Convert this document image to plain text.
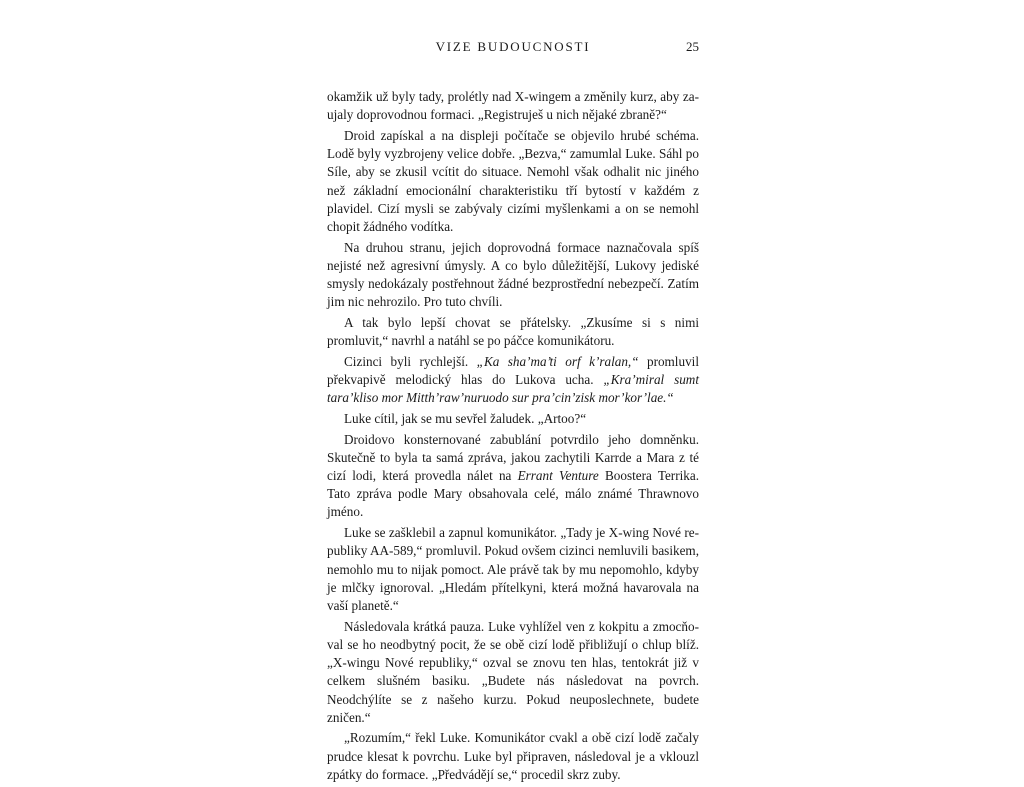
VIZE BUDOUCNOSTI	25

okamžik už byly tady, prolétly nad X-wingem a změnily kurz, aby zaujaly doprovodnou formaci. „Registruješ u nich nějaké zbraně?“

Droid zapískal a na displeji počítače se objevilo hrubé schéma. Lodě byly vyzbrojeny velice dobře. „Bezva,“ zamumlal Luke. Sáhl po Síle, aby se zkusil vcítit do situace. Nemohl však odhalit nic jiného než základní emocionální charakteristiku tří bytostí v každém z plavidel. Cizí mysli se zabývaly cizími myšlenkami a on se nemohl chopit žádného vodítka.

Na druhou stranu, jejich doprovodná formace naznačovala spíš nejisté než agresivní úmysly. A co bylo důležitější, Lukovy jediské smysly nedokázaly postřehnout žádné bezprostřední nebezpečí. Zatím jim nic nehrozilo. Pro tuto chvíli.

A tak bylo lepší chovat se přátelsky. „Zkusíme si s nimi promluvit,“ navrhl a natáhl se po páčce komunikátoru.

Cizinci byli rychlejší. „Ka sha’ma’ti orf k’ralan,“ promluvil překvapivě melodický hlas do Lukova ucha. „Kra’miral sumt tara’kliso mor Mitth’raw’nuruodo sur pra’cin’zisk mor’kor’lae.“

Luke cítil, jak se mu sevřel žaludek. „Artoo?“

Droidovo konsternované zabublání potvrdilo jeho domněnku. Skutečně to byla ta samá zpráva, jakou zachytili Karrde a Mara z té cizí lodi, která provedla nálet na Errant Venture Boostera Terrika. Tato zpráva podle Mary obsahovala celé, málo známé Thrawnovo jméno.

Luke se zašklebil a zapnul komunikátor. „Tady je X-wing Nové republiky AA-589,“ promluvil. Pokud ovšem cizinci nemluvili basikem, nemohlo mu to nijak pomoct. Ale právě tak by mu nepomohlo, kdyby je mlčky ignoroval. „Hledám přítelkyni, která možná havarovala na vaší planetě.“

Následovala krátká pauza. Luke vyhlížel ven z kokpitu a zmocňoval se ho neodbytný pocit, že se obě cizí lodě přibližují o chlup blíž. „X-wingu Nové republiky,“ ozval se znovu ten hlas, tentokrát již v celkem slušném basiku. „Budete nás následovat na povrch. Neodchýlíte se z našeho kurzu. Pokud neuposlechnete, budete zničen.“

„Rozumím,“ řekl Luke. Komunikátor cvakl a obě cizí lodě začaly prudce klesat k povrchu. Luke byl připraven, následoval je a vklouzl zpátky do formace. „Předvádějí se,“ procedil skrz zuby.
